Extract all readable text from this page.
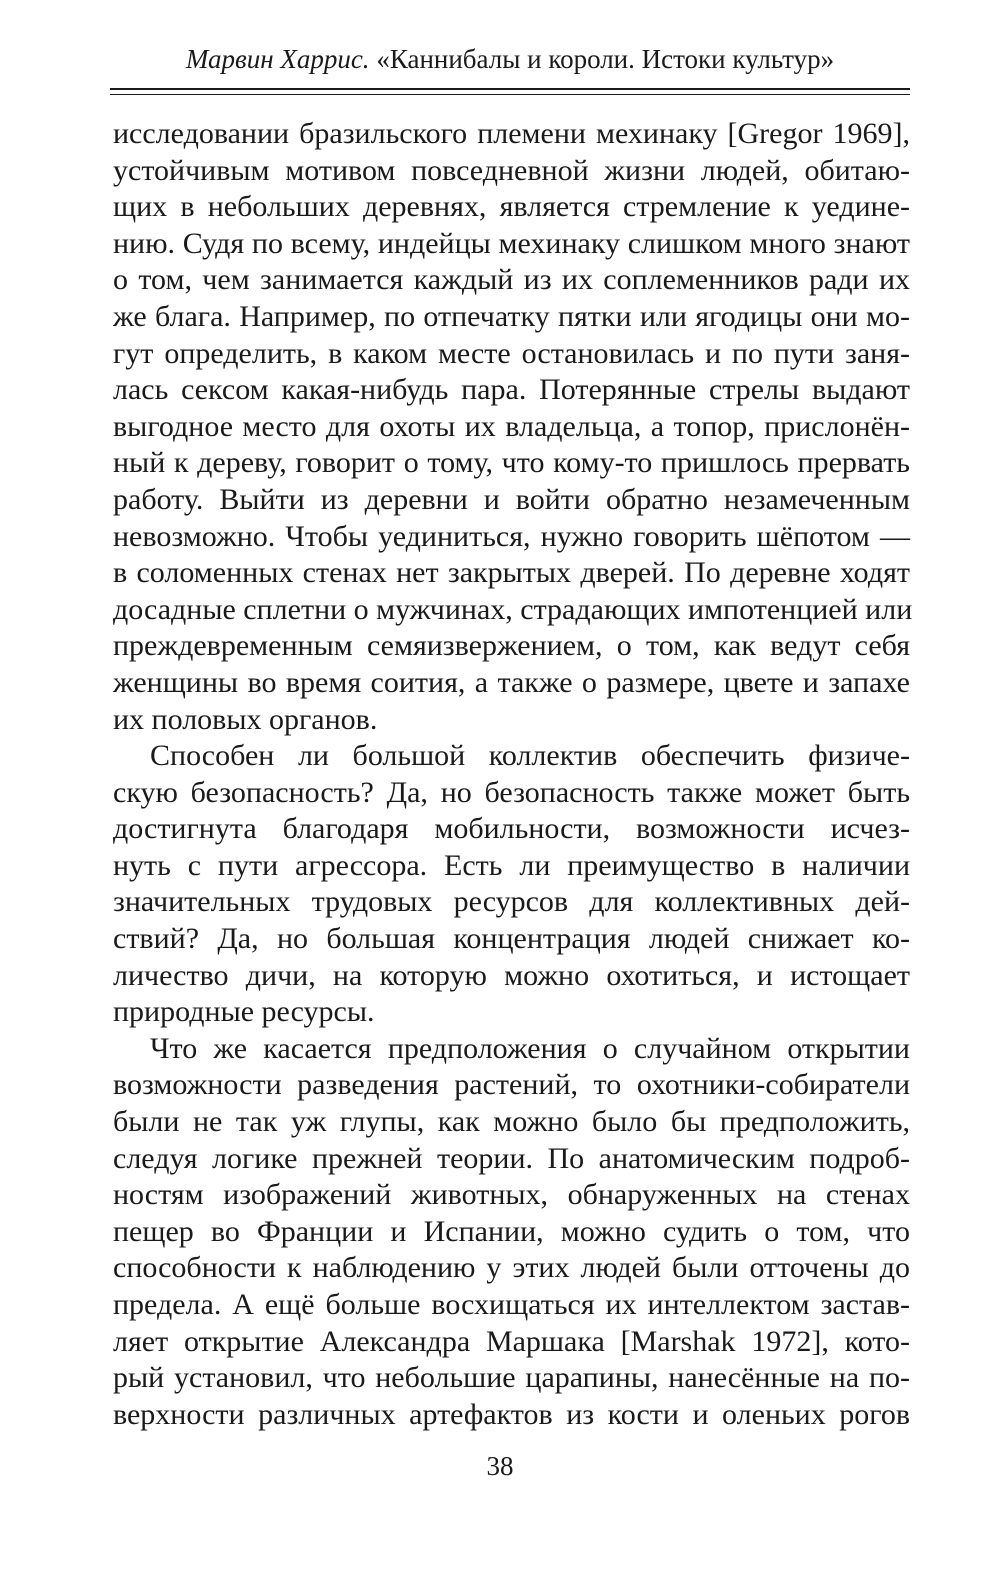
Марвин Харрис. «Каннибалы и короли. Истоки культур»
исследовании бразильского племени мехинаку [Gregor 1969],
устойчивым мотивом повседневной жизни людей, обитаю-
щих в небольших деревнях, является стремление к уедине-
нию. Судя по всему, индейцы мехинаку слишком много знают
о том, чем занимается каждый из их соплеменников ради их
же блага. Например, по отпечатку пятки или ягодицы они мо-
гут определить, в каком месте остановилась и по пути заня-
лась сексом какая-нибудь пара. Потерянные стрелы выдают
выгодное место для охоты их владельца, а топор, прислонён-
ный к дереву, говорит о тому, что кому-то пришлось прервать
работу. Выйти из деревни и войти обратно незамеченным
невозможно. Чтобы уединиться, нужно говорить шёпотом —
в соломенных стенах нет закрытых дверей. По деревне ходят
досадные сплетни о мужчинах, страдающих импотенцией или
преждевременным семяизвержением, о том, как ведут себя
женщины во время соития, а также о размере, цвете и запахе
их половых органов.
Способен ли большой коллектив обеспечить физиче-
скую безопасность? Да, но безопасность также может быть
достигнута благодаря мобильности, возможности исчез-
нуть с пути агрессора. Есть ли преимущество в наличии
значительных трудовых ресурсов для коллективных дей-
ствий? Да, но большая концентрация людей снижает ко-
личество дичи, на которую можно охотиться, и истощает
природные ресурсы.
Что же касается предположения о случайном открытии
возможности разведения растений, то охотники-собиратели
были не так уж глупы, как можно было бы предположить,
следуя логике прежней теории. По анатомическим подроб-
ностям изображений животных, обнаруженных на стенах
пещер во Франции и Испании, можно судить о том, что
способности к наблюдению у этих людей были отточены до
предела. А ещё больше восхищаться их интеллектом застав-
ляет открытие Александра Маршака [Marshak 1972], кото-
рый установил, что небольшие царапины, нанесённые на по-
верхности различных артефактов из кости и оленьих рогов
38
